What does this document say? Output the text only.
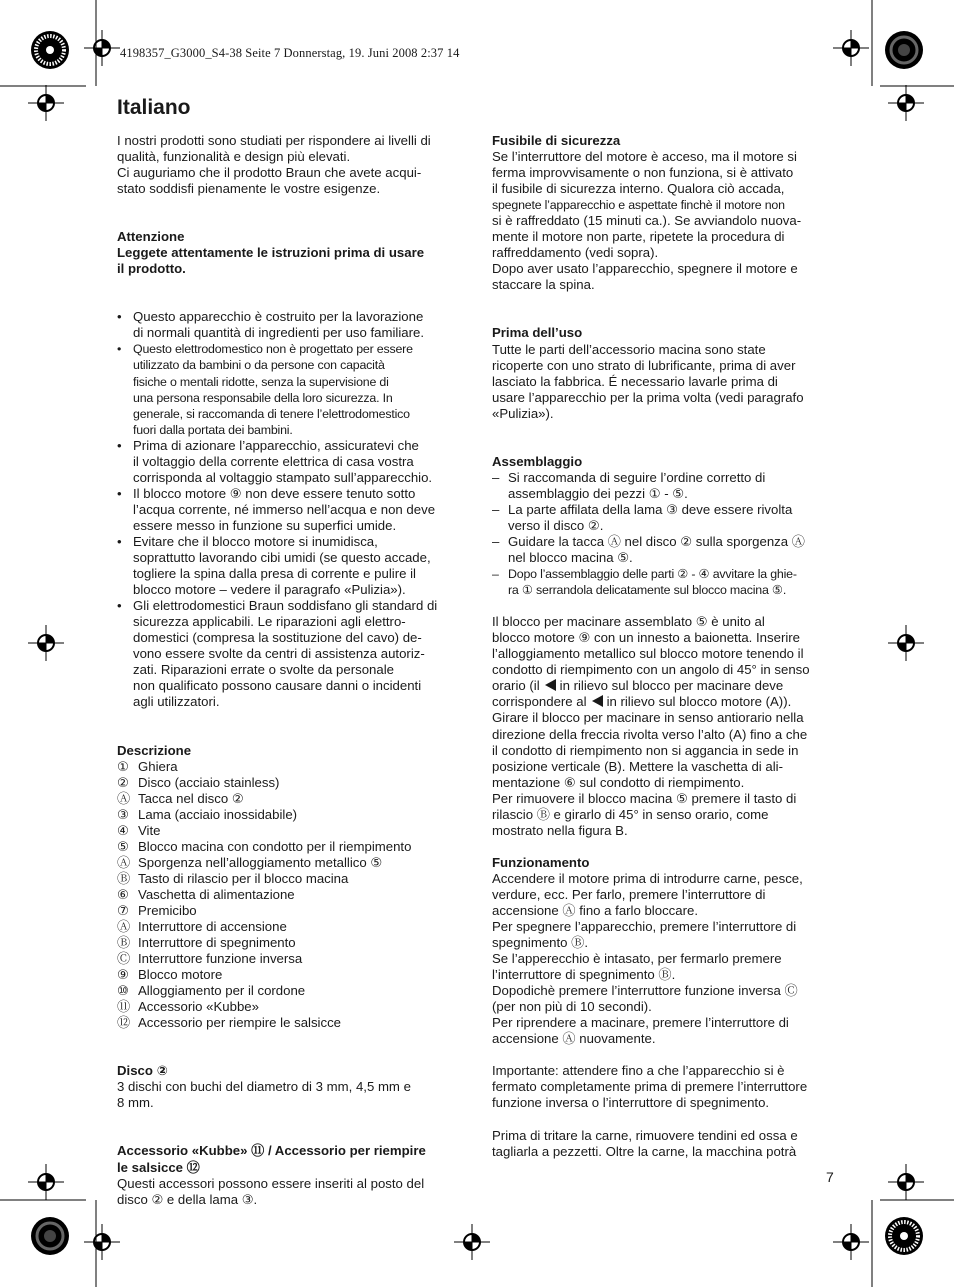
4198357_G3000_S4-38 Seite 7 Donnerstag, 19. Juni 2008 2:37 14
Italiano

I nostri prodotti sono studiati per rispondere ai livelli di

qualità, funzionalità e design più elevati.

Ci auguriamo che il prodotto Braun che avete acqui-

stato soddisfi pienamente le vostre esigenze.

Attenzione

Leggete attentamente le istruzioni prima di usare

il prodotto.

• Questo apparecchio è costruito per la lavorazione

di normali quantità di ingredienti per uso familiare.

• Questo elettrodomestico non è progettato per essere

utilizzato da bambini o da persone con capacità

fisiche o mentali ridotte, senza la supervisione di

una persona responsabile della loro sicurezza. In

generale, si raccomanda di tenere l’elettrodomestico

fuori dalla portata dei bambini.

• Prima di azionare l’apparecchio, assicuratevi che

il voltaggio della corrente elettrica di casa vostra

corrisponda al voltaggio stampato sull’apparecchio.

• Il blocco motore ⑨ non deve essere tenuto sotto

l’acqua corrente, né immerso nell’acqua e non deve

essere messo in funzione su superfici umide.

• Evitare che il blocco motore si inumidisca,

soprattutto lavorando cibi umidi (se questo accade,

togliere la spina dalla presa di corrente e pulire il

blocco motore – vedere il paragrafo «Pulizia»).

• Gli elettrodomestici Braun soddisfano gli standard di

sicurezza applicabili. Le riparazioni agli elettro-

domestici (compresa la sostituzione del cavo) de-

vono essere svolte da centri di assistenza autoriz-

zati. Riparazioni errate o svolte da personale

non qualificato possono causare danni o incidenti

agli utilizzatori.

Descrizione

① Ghiera
② Disco (acciaio stainless)
Ⓐ Tacca nel disco ②
③ Lama (acciaio inossidabile)
④ Vite
⑤ Blocco macina con condotto per il riempimento
Ⓐ Sporgenza nell’alloggiamento metallico ⑤
Ⓑ Tasto di rilascio per il blocco macina
⑥ Vaschetta di alimentazione
⑦ Premicibo
Ⓐ Interruttore di accensione
Ⓑ Interruttore di spegnimento
Ⓒ Interruttore funzione inversa
⑨ Blocco motore
⑩ Alloggiamento per il cordone
⑪ Accessorio «Kubbe»
⑫ Accessorio per riempire le salsicce

Disco ②

3 dischi con buchi del diametro di 3 mm, 4,5 mm e

8 mm.

Accessorio «Kubbe» ⑪ / Accessorio per riempire

le salsicce ⑫

Questi accessori possono essere inseriti al posto del

disco ② e della lama ③.

Fusibile di sicurezza

Se l’interruttore del motore è acceso, ma il motore si

ferma improvvisamente o non funziona, si è attivato

il fusibile di sicurezza interno. Qualora ciò accada,

spegnete l’apparecchio e aspettate finchè il motore non

si è raffreddato (15 minuti ca.). Se avviandolo nuova-

mente il motore non parte, ripetete la procedura di

raffreddamento (vedi sopra).

Dopo aver usato l’apparecchio, spegnere il motore e

staccare la spina.

Prima dell’uso

Tutte le parti dell’accessorio macina sono state

ricoperte con uno strato di lubrificante, prima di aver

lasciato la fabbrica. É necessario lavarle prima di

usare l’apparecchio per la prima volta (vedi paragrafo

«Pulizia»).

Assemblaggio

– Si raccomanda di seguire l’ordine corretto di

assemblaggio dei pezzi ① - ⑤.

– La parte affilata della lama ③ deve essere rivolta

verso il disco ②.

– Guidare la tacca Ⓐ nel disco ② sulla sporgenza Ⓐ

nel blocco macina ⑤.

– Dopo l’assemblaggio delle parti ② - ④ avvitare la ghie-

ra ① serrandola delicatamente sul blocco macina ⑤.

Il blocco per macinare assemblato ⑤ è unito al

blocco motore ⑨ con un innesto a baionetta. Inserire

l’alloggiamento metallico sul blocco motore tenendo il

condotto di riempimento con un angolo di 45° in senso

orario (il in rilievo sul blocco per macinare deve

corrispondere al in rilievo sul blocco motore (A)).

Girare il blocco per macinare in senso antiorario nella

direzione della freccia rivolta verso l’alto (A) fino a che

il condotto di riempimento non si aggancia in sede in

posizione verticale (B). Mettere la vaschetta di ali-

mentazione ⑥ sul condotto di riempimento.

Per rimuovere il blocco macina ⑤ premere il tasto di

rilascio Ⓑ e girarlo di 45° in senso orario, come

mostrato nella figura B.

Funzionamento

Accendere il motore prima di introdurre carne, pesce,

verdure, ecc. Per farlo, premere l’interruttore di

accensione Ⓐ fino a farlo bloccare.

Per spegnere l’apparecchio, premere l’interruttore di

spegnimento Ⓑ.

Se l’apperecchio è intasato, per fermarlo premere

l’interruttore di spegnimento Ⓑ.

Dopodichè premere l’interruttore funzione inversa Ⓒ

(per non più di 10 secondi).

Per riprendere a macinare, premere l’interruttore di

accensione Ⓐ nuovamente.

Importante: attendere fino a che l’apparecchio si è

fermato completamente prima di premere l’interruttore

funzione inversa o l’interruttore di spegnimento.

Prima di tritare la carne, rimuovere tendini ed ossa e

tagliarla a pezzetti. Oltre la carne, la macchina potrà

7
